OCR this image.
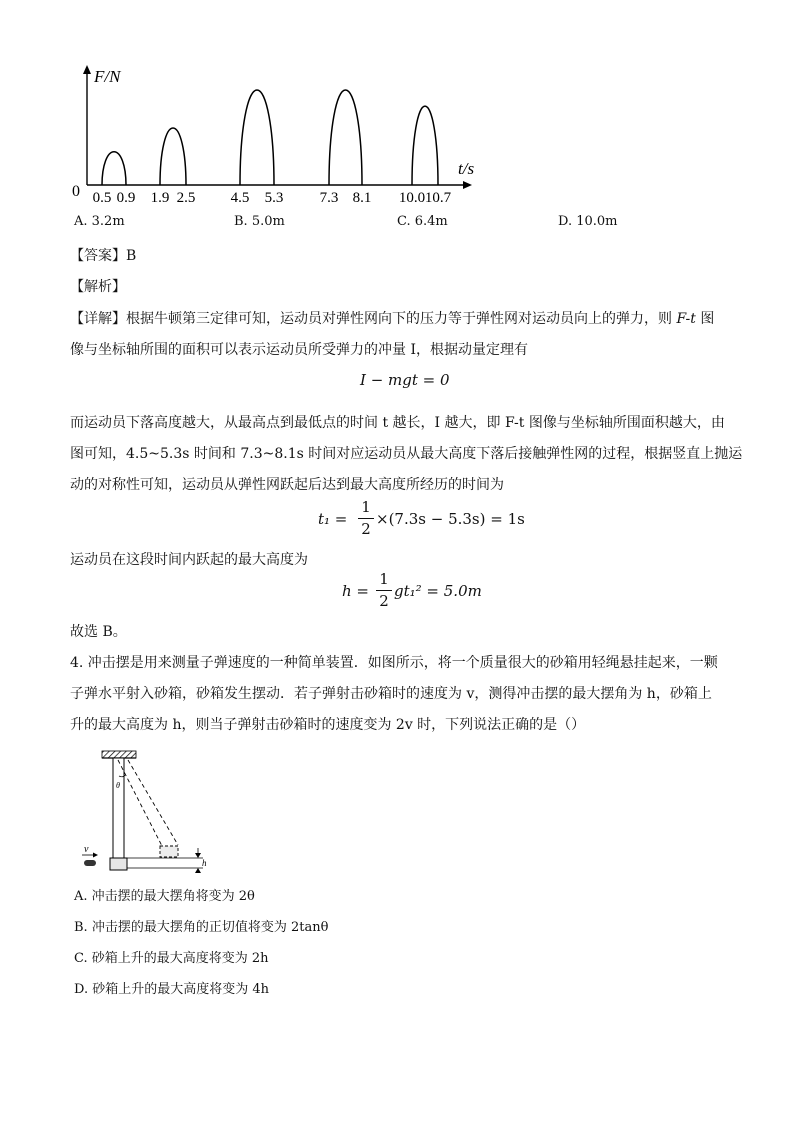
F/N
t/s
0 0.5 0.9 1.9 2.5 4.5 5.3 7.3 8.1 10.0 10.7
A. 3.2m	B. 5.0m	C. 6.4m	D. 10.0m
【答案】B
【解析】
【详解】根据牛顿第三定律可知，运动员对弹性网向下的压力等于弹性网对运动员向上的弹力，则 F-t 图
像与坐标轴所围的面积可以表示运动员所受弹力的冲量 I，根据动量定理有
I − mgt = 0
而运动员下落高度越大，从最高点到最低点的时间 t 越长，I 越大，即 F-t 图像与坐标轴所围面积越大，由
图可知，4.5~5.3s 时间和 7.3~8.1s 时间对应运动员从最大高度下落后接触弹性网的过程，根据竖直上抛运
动的对称性可知，运动员从弹性网跃起后达到最大高度所经历的时间为
t₁ =
1
2
×(7.3s − 5.3s) = 1s
运动员在这段时间内跃起的最大高度为
h =
1
2
gt₁² = 5.0m
故选 B。
4. 冲击摆是用来测量子弹速度的一种简单装置．如图所示，将一个质量很大的砂箱用轻绳悬挂起来，一颗
子弹水平射入砂箱，砂箱发生摆动．若子弹射击砂箱时的速度为 v，测得冲击摆的最大摆角为 h，砂箱上
升的最大高度为 h，则当子弹射击砂箱时的速度变为 2v 时，下列说法正确的是（）
h
θ
v
A. 冲击摆的最大摆角将变为 2θ
B. 冲击摆的最大摆角的正切值将变为 2tanθ
C. 砂箱上升的最大高度将变为 2h
D. 砂箱上升的最大高度将变为 4h
